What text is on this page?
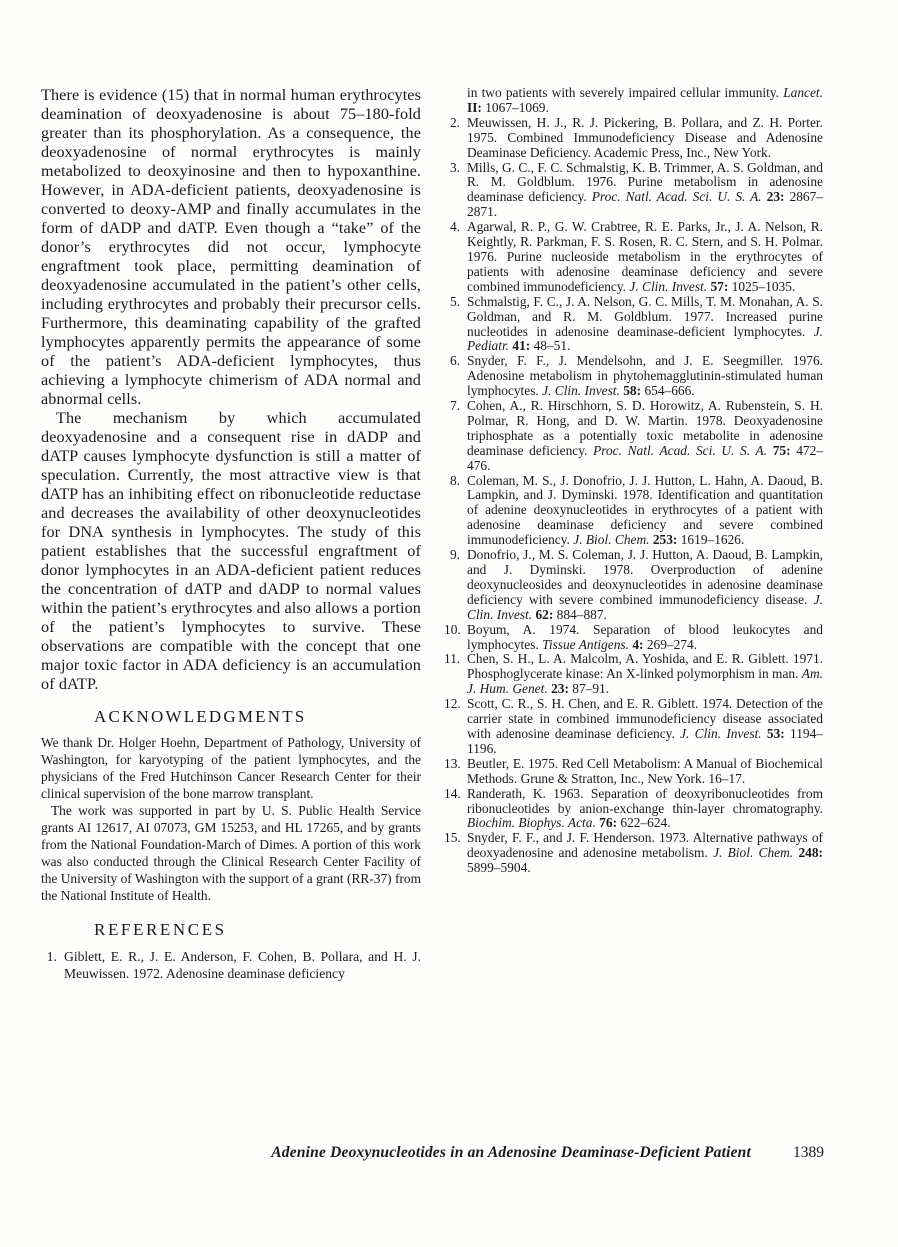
There is evidence (15) that in normal human erythrocytes deamination of deoxyadenosine is about 75–180-fold greater than its phosphorylation. As a consequence, the deoxyadenosine of normal erythrocytes is mainly metabolized to deoxyinosine and then to hypoxanthine. However, in ADA-deficient patients, deoxyadenosine is converted to deoxy-AMP and finally accumulates in the form of dADP and dATP. Even though a “take” of the donor’s erythrocytes did not occur, lymphocyte engraftment took place, permitting deamination of deoxyadenosine accumulated in the patient’s other cells, including erythrocytes and probably their precursor cells. Furthermore, this deaminating capability of the grafted lymphocytes apparently permits the appearance of some of the patient’s ADA-deficient lymphocytes, thus achieving a lymphocyte chimerism of ADA normal and abnormal cells.

The mechanism by which accumulated deoxyadenosine and a consequent rise in dADP and dATP causes lymphocyte dysfunction is still a matter of speculation. Currently, the most attractive view is that dATP has an inhibiting effect on ribonucleotide reductase and decreases the availability of other deoxynucleotides for DNA synthesis in lymphocytes. The study of this patient establishes that the successful engraftment of donor lymphocytes in an ADA-deficient patient reduces the concentration of dATP and dADP to normal values within the patient’s erythrocytes and also allows a portion of the patient’s lymphocytes to survive. These observations are compatible with the concept that one major toxic factor in ADA deficiency is an accumulation of dATP.

ACKNOWLEDGMENTS

We thank Dr. Holger Hoehn, Department of Pathology, University of Washington, for karyotyping of the patient lymphocytes, and the physicians of the Fred Hutchinson Cancer Research Center for their clinical supervision of the bone marrow transplant.

The work was supported in part by U. S. Public Health Service grants AI 12617, AI 07073, GM 15253, and HL 17265, and by grants from the National Foundation-March of Dimes. A portion of this work was also conducted through the Clinical Research Center Facility of the University of Washington with the support of a grant (RR-37) from the National Institute of Health.

REFERENCES
1. Giblett, E. R., J. E. Anderson, F. Cohen, B. Pollara, and H. J. Meuwissen. 1972. Adenosine deaminase deficiency
in two patients with severely impaired cellular immunity. Lancet. II: 1067–1069.
2. Meuwissen, H. J., R. J. Pickering, B. Pollara, and Z. H. Porter. 1975. Combined Immunodeficiency Disease and Adenosine Deaminase Deficiency. Academic Press, Inc., New York.
3. Mills, G. C., F. C. Schmalstig, K. B. Trimmer, A. S. Goldman, and R. M. Goldblum. 1976. Purine metabolism in adenosine deaminase deficiency. Proc. Natl. Acad. Sci. U. S. A. 23: 2867–2871.
4. Agarwal, R. P., G. W. Crabtree, R. E. Parks, Jr., J. A. Nelson, R. Keightly, R. Parkman, F. S. Rosen, R. C. Stern, and S. H. Polmar. 1976. Purine nucleoside metabolism in the erythrocytes of patients with adenosine deaminase deficiency and severe combined immunodeficiency. J. Clin. Invest. 57: 1025–1035.
5. Schmalstig, F. C., J. A. Nelson, G. C. Mills, T. M. Monahan, A. S. Goldman, and R. M. Goldblum. 1977. Increased purine nucleotides in adenosine deaminase-deficient lymphocytes. J. Pediatr. 41: 48–51.
6. Snyder, F. F., J. Mendelsohn, and J. E. Seegmiller. 1976. Adenosine metabolism in phytohemagglutinin-stimulated human lymphocytes. J. Clin. Invest. 58: 654–666.
7. Cohen, A., R. Hirschhorn, S. D. Horowitz, A. Rubenstein, S. H. Polmar, R. Hong, and D. W. Martin. 1978. Deoxyadenosine triphosphate as a potentially toxic metabolite in adenosine deaminase deficiency. Proc. Natl. Acad. Sci. U. S. A. 75: 472–476.
8. Coleman, M. S., J. Donofrio, J. J. Hutton, L. Hahn, A. Daoud, B. Lampkin, and J. Dyminski. 1978. Identification and quantitation of adenine deoxynucleotides in erythrocytes of a patient with adenosine deaminase deficiency and severe combined immunodeficiency. J. Biol. Chem. 253: 1619–1626.
9. Donofrio, J., M. S. Coleman, J. J. Hutton, A. Daoud, B. Lampkin, and J. Dyminski. 1978. Overproduction of adenine deoxynucleosides and deoxynucleotides in adenosine deaminase deficiency with severe combined immunodeficiency disease. J. Clin. Invest. 62: 884–887.
10. Boyum, A. 1974. Separation of blood leukocytes and lymphocytes. Tissue Antigens. 4: 269–274.
11. Chen, S. H., L. A. Malcolm, A. Yoshida, and E. R. Giblett. 1971. Phosphoglycerate kinase: An X-linked polymorphism in man. Am. J. Hum. Genet. 23: 87–91.
12. Scott, C. R., S. H. Chen, and E. R. Giblett. 1974. Detection of the carrier state in combined immunodeficiency disease associated with adenosine deaminase deficiency. J. Clin. Invest. 53: 1194–1196.
13. Beutler, E. 1975. Red Cell Metabolism: A Manual of Biochemical Methods. Grune & Stratton, Inc., New York. 16–17.
14. Randerath, K. 1963. Separation of deoxyribonucleotides from ribonucleotides by anion-exchange thin-layer chromatography. Biochim. Biophys. Acta. 76: 622–624.
15. Snyder, F. F., and J. F. Henderson. 1973. Alternative pathways of deoxyadenosine and adenosine metabolism. J. Biol. Chem. 248: 5899–5904.
Adenine Deoxynucleotides in an Adenosine Deaminase-Deficient Patient	1389
